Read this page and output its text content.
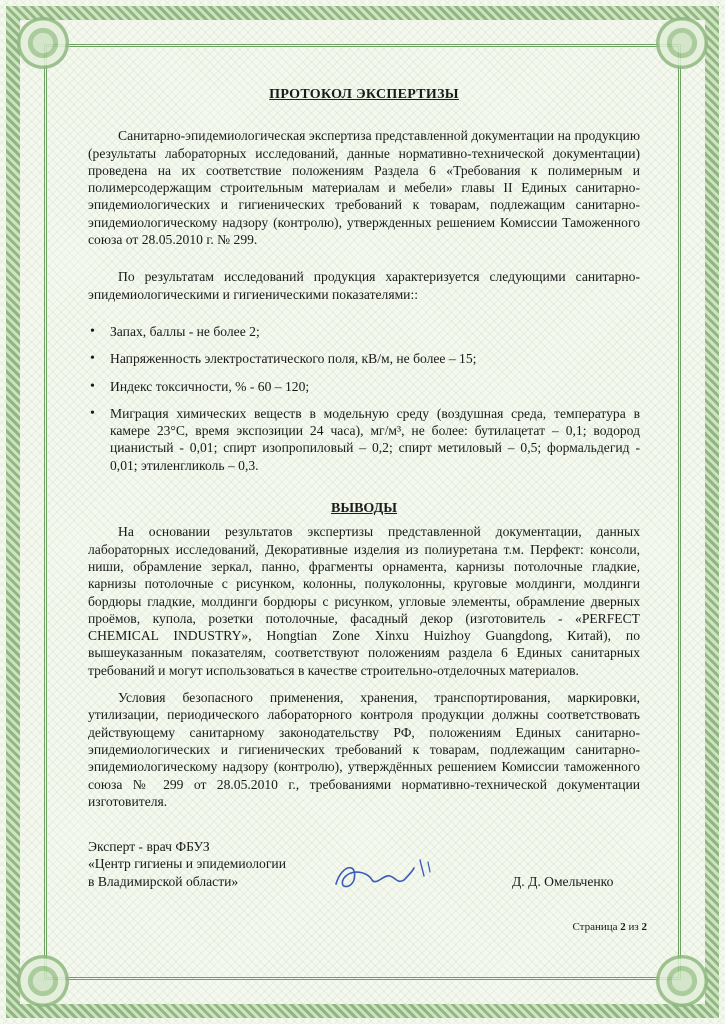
ПРОТОКОЛ ЭКСПЕРТИЗЫ

Санитарно-эпидемиологическая экспертиза представленной документации на продукцию (результаты лабораторных исследований, данные нормативно-технической документации) проведена на их соответствие положениям Раздела 6 «Требования к полимерным и полимерсодержащим строительным материалам и мебели» главы II Единых санитарно-эпидемиологических и гигиенических требований к товарам, подлежащим санитарно-эпидемиологическому надзору (контролю), утвержденных решением Комиссии Таможенного союза от 28.05.2010 г. № 299.

По результатам исследований продукция характеризуется следующими санитарно-эпидемиологическими и гигиеническими показателями::

• Запах, баллы - не более 2;
• Напряженность электростатического поля, кВ/м, не более – 15;
• Индекс токсичности, % - 60 – 120;
• Миграция химических веществ в модельную среду (воздушная среда, температура в камере 23°С, время экспозиции 24 часа), мг/м³, не более: бутилацетат – 0,1; водород цианистый - 0,01; спирт изопропиловый – 0,2; спирт метиловый – 0,5; формальдегид - 0,01; этиленгликоль – 0,3.
ВЫВОДЫ

На основании результатов экспертизы представленной документации, данных лабораторных исследований, Декоративные изделия из полиуретана т.м. Перфект: консоли, ниши, обрамление зеркал, панно, фрагменты орнамента, карнизы потолочные гладкие, карнизы потолочные с рисунком, колонны, полуколонны, круговые молдинги, молдинги бордюры гладкие, молдинги бордюры с рисунком, угловые элементы, обрамление дверных проёмов, купола, розетки потолочные, фасадный декор (изготовитель - «PERFECT CHEMICAL INDUSTRY», Hongtian Zone Xinxu Huizhoy Guangdong, Китай), по вышеуказанным показателям, соответствуют положениям раздела 6 Единых санитарных требований и могут использоваться в качестве строительно-отделочных материалов.

Условия безопасного применения, хранения, транспортирования, маркировки, утилизации, периодического лабораторного контроля продукции должны соответствовать действующему санитарному законодательству РФ, положениям Единых санитарно-эпидемиологических и гигиенических требований к товарам, подлежащим санитарно-эпидемиологическому надзору (контролю), утверждённых решением Комиссии таможенного союза № 299 от 28.05.2010 г., требованиями нормативно-технической документации изготовителя.

Эксперт - врач ФБУЗ
«Центр гигиены и эпидемиологии
в Владимирской области»	Д. Д. Омельченко
Страница 2 из 2
